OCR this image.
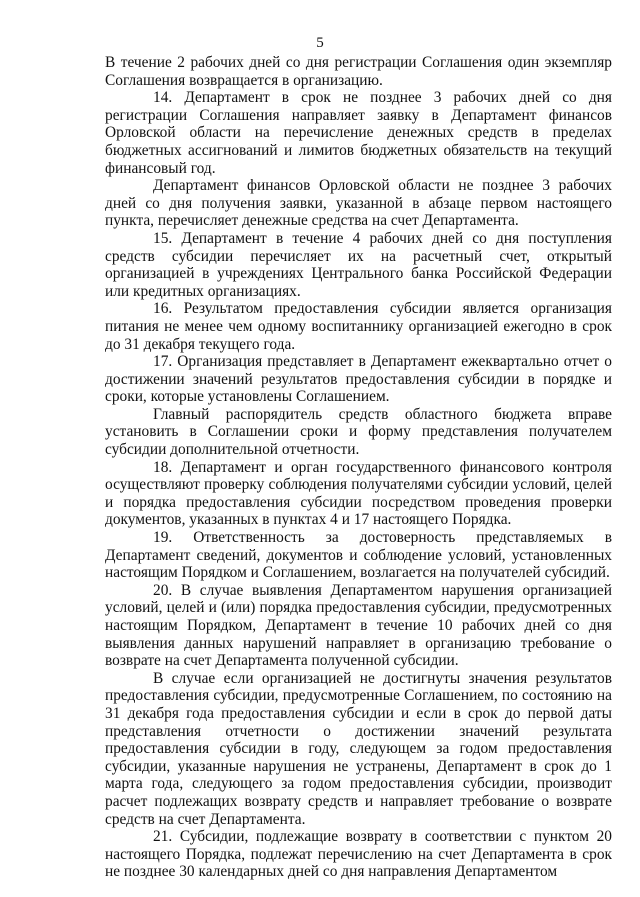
5

В течение 2 рабочих дней со дня регистрации Соглашения один экземпляр Соглашения возвращается в организацию.

14. Департамент в срок не позднее 3 рабочих дней со дня регистрации Соглашения направляет заявку в Департамент финансов Орловской области на перечисление денежных средств в пределах бюджетных ассигнований и лимитов бюджетных обязательств на текущий финансовый год.

Департамент финансов Орловской области не позднее 3 рабочих дней со дня получения заявки, указанной в абзаце первом настоящего пункта, перечисляет денежные средства на счет Департамента.

15. Департамент в течение 4 рабочих дней со дня поступления средств субсидии перечисляет их на расчетный счет, открытый организацией в учреждениях Центрального банка Российской Федерации или кредитных организациях.

16. Результатом предоставления субсидии является организация питания не менее чем одному воспитаннику организацией ежегодно в срок до 31 декабря текущего года.

17. Организация представляет в Департамент ежеквартально отчет о достижении значений результатов предоставления субсидии в порядке и сроки, которые установлены Соглашением.

Главный распорядитель средств областного бюджета вправе установить в Соглашении сроки и форму представления получателем субсидии дополнительной отчетности.

18. Департамент и орган государственного финансового контроля осуществляют проверку соблюдения получателями субсидии условий, целей и порядка предоставления субсидии посредством проведения проверки документов, указанных в пунктах 4 и 17 настоящего Порядка.

19. Ответственность за достоверность представляемых в Департамент сведений, документов и соблюдение условий, установленных настоящим Порядком и Соглашением, возлагается на получателей субсидий.

20. В случае выявления Департаментом нарушения организацией условий, целей и (или) порядка предоставления субсидии, предусмотренных настоящим Порядком, Департамент в течение 10 рабочих дней со дня выявления данных нарушений направляет в организацию требование о возврате на счет Департамента полученной субсидии.

В случае если организацией не достигнуты значения результатов предоставления субсидии, предусмотренные Соглашением, по состоянию на 31 декабря года предоставления субсидии и если в срок до первой даты представления отчетности о достижении значений результата предоставления субсидии в году, следующем за годом предоставления субсидии, указанные нарушения не устранены, Департамент в срок до 1 марта года, следующего за годом предоставления субсидии, производит расчет подлежащих возврату средств и направляет требование о возврате средств на счет Департамента.

21. Субсидии, подлежащие возврату в соответствии с пунктом 20 настоящего Порядка, подлежат перечислению на счет Департамента в срок не позднее 30 календарных дней со дня направления Департаментом
